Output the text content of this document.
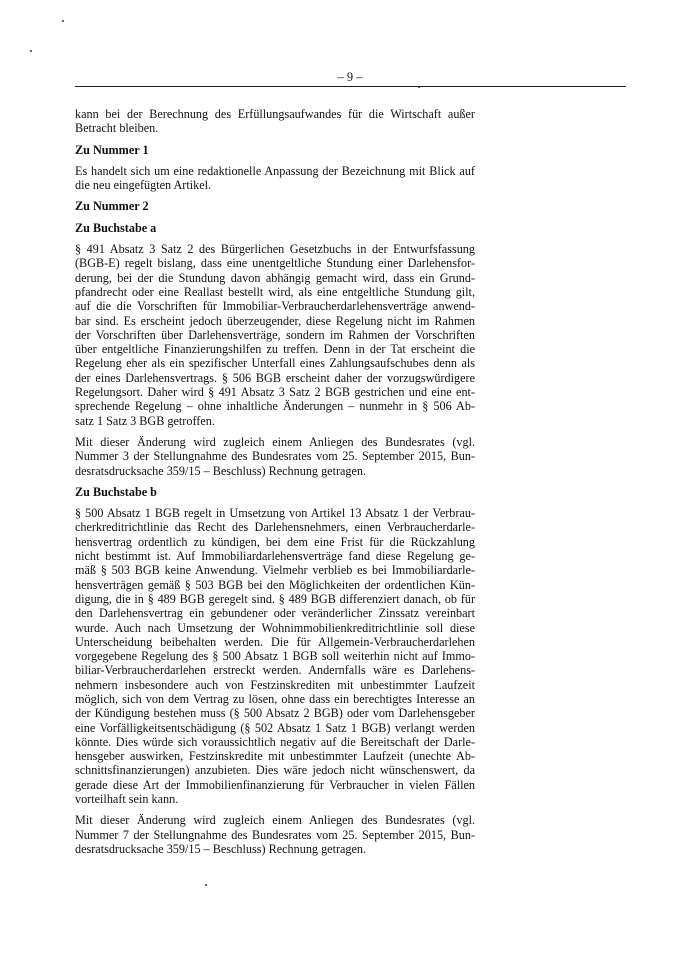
– 9 –

kann bei der Berechnung des Erfüllungsaufwandes für die Wirtschaft außer
Betracht bleiben.

Zu Nummer 1

Es handelt sich um eine redaktionelle Anpassung der Bezeichnung mit Blick auf
die neu eingefügten Artikel.

Zu Nummer 2

Zu Buchstabe a

§ 491 Absatz 3 Satz 2 des Bürgerlichen Gesetzbuchs in der Entwurfsfassung
(BGB-E) regelt bislang, dass eine unentgeltliche Stundung einer Darlehensfor-
derung, bei der die Stundung davon abhängig gemacht wird, dass ein Grund-
pfandrecht oder eine Reallast bestellt wird, als eine entgeltliche Stundung gilt,
auf die die Vorschriften für Immobiliar-Verbraucherdarlehensverträge anwend-
bar sind. Es erscheint jedoch überzeugender, diese Regelung nicht im Rahmen
der Vorschriften über Darlehensverträge, sondern im Rahmen der Vorschriften
über entgeltliche Finanzierungshilfen zu treffen. Denn in der Tat erscheint die
Regelung eher als ein spezifischer Unterfall eines Zahlungsaufschubes denn als
der eines Darlehensvertrags. § 506 BGB erscheint daher der vorzugswürdigere
Regelungsort. Daher wird § 491 Absatz 3 Satz 2 BGB gestrichen und eine ent-
sprechende Regelung – ohne inhaltliche Änderungen – nunmehr in § 506 Ab-
satz 1 Satz 3 BGB getroffen.

Mit dieser Änderung wird zugleich einem Anliegen des Bundesrates (vgl.
Nummer 3 der Stellungnahme des Bundesrates vom 25. September 2015, Bun-
desratsdrucksache 359/15 – Beschluss) Rechnung getragen.

Zu Buchstabe b

§ 500 Absatz 1 BGB regelt in Umsetzung von Artikel 13 Absatz 1 der Verbrau-
cherkreditrichtlinie das Recht des Darlehensnehmers, einen Verbraucherdarle-
hensvertrag ordentlich zu kündigen, bei dem eine Frist für die Rückzahlung
nicht bestimmt ist. Auf Immobiliardarlehensverträge fand diese Regelung ge-
mäß § 503 BGB keine Anwendung. Vielmehr verblieb es bei Immobiliardarle-
hensverträgen gemäß § 503 BGB bei den Möglichkeiten der ordentlichen Kün-
digung, die in § 489 BGB geregelt sind. § 489 BGB differenziert danach, ob für
den Darlehensvertrag ein gebundener oder veränderlicher Zinssatz vereinbart
wurde. Auch nach Umsetzung der Wohnimmobilienkreditrichtlinie soll diese
Unterscheidung beibehalten werden. Die für Allgemein-Verbraucherdarlehen
vorgegebene Regelung des § 500 Absatz 1 BGB soll weiterhin nicht auf Immo-
biliar-Verbraucherdarlehen erstreckt werden. Andernfalls wäre es Darlehens-
nehmern insbesondere auch von Festzinskrediten mit unbestimmter Laufzeit
möglich, sich von dem Vertrag zu lösen, ohne dass ein berechtigtes Interesse an
der Kündigung bestehen muss (§ 500 Absatz 2 BGB) oder vom Darlehensgeber
eine Vorfälligkeitsentschädigung (§ 502 Absatz 1 Satz 1 BGB) verlangt werden
könnte. Dies würde sich voraussichtlich negativ auf die Bereitschaft der Darle-
hensgeber auswirken, Festzinskredite mit unbestimmter Laufzeit (unechte Ab-
schnittsfinanzierungen) anzubieten. Dies wäre jedoch nicht wünschenswert, da
gerade diese Art der Immobilienfinanzierung für Verbraucher in vielen Fällen
vorteilhaft sein kann.

Mit dieser Änderung wird zugleich einem Anliegen des Bundesrates (vgl.
Nummer 7 der Stellungnahme des Bundesrates vom 25. September 2015, Bun-
desratsdrucksache 359/15 – Beschluss) Rechnung getragen.
